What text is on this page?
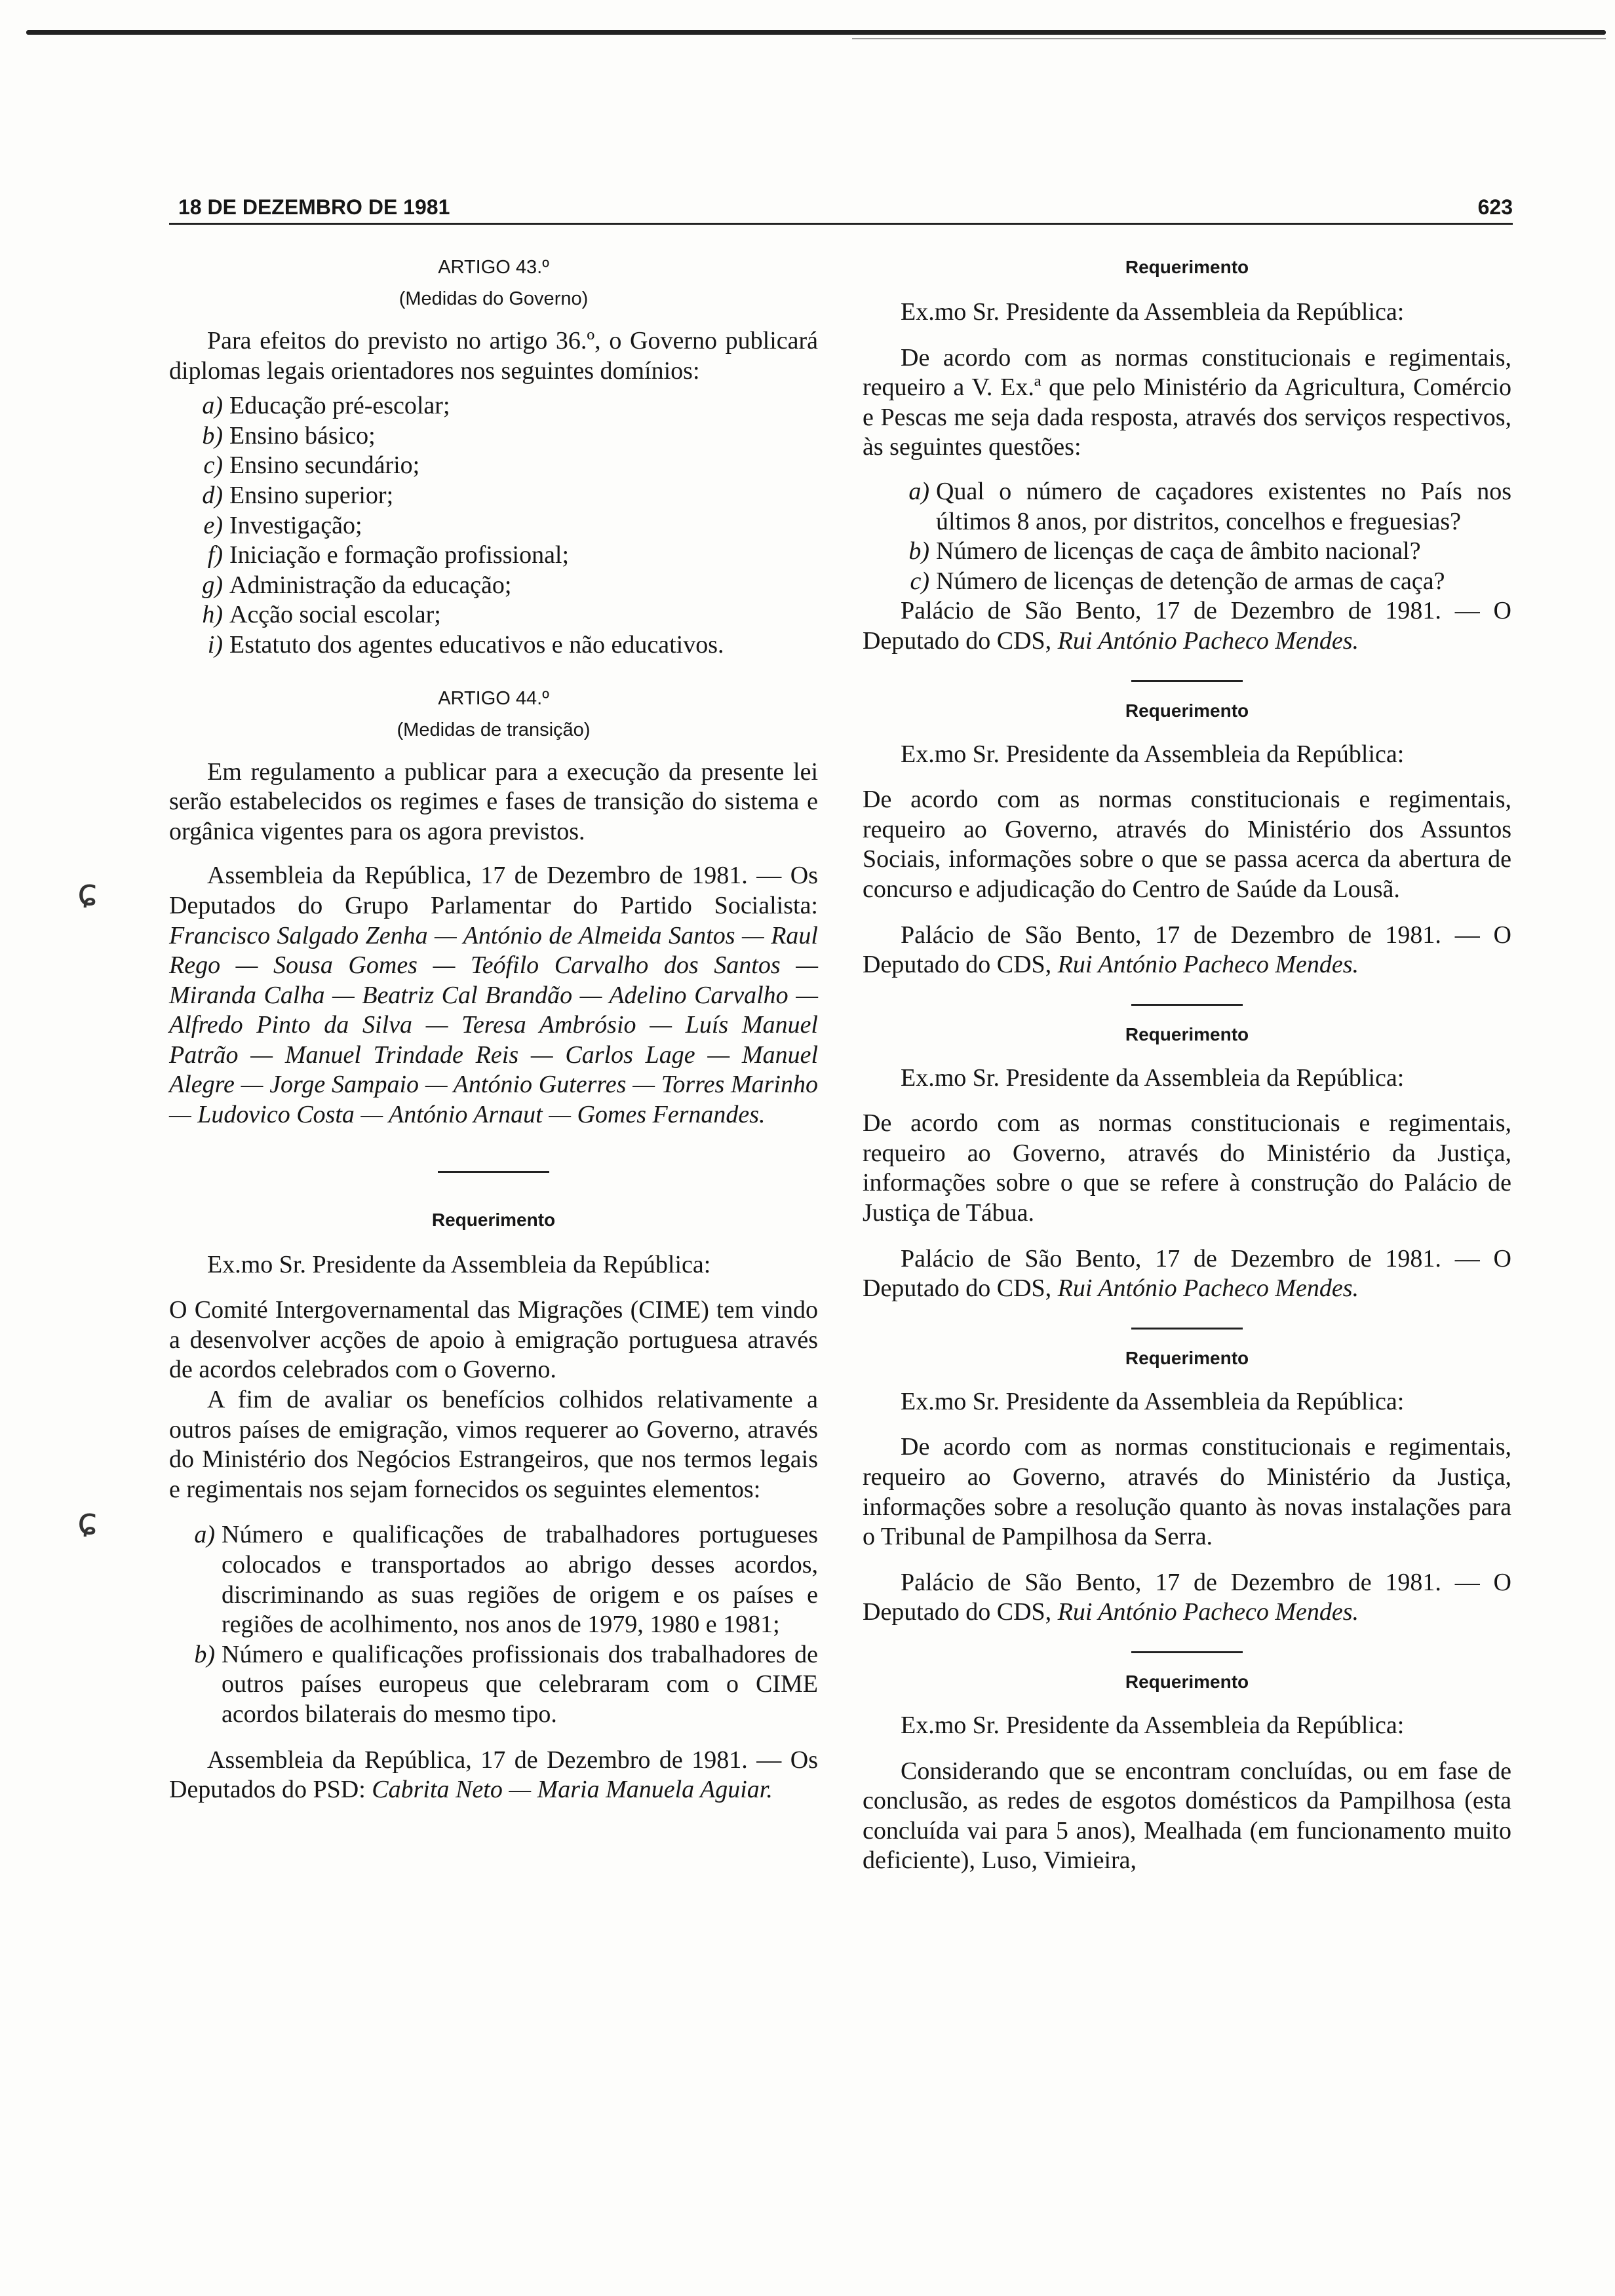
18 DE DEZEMBRO DE 1981	623
ɕ
ɕ
ARTIGO 43.º
(Medidas do Governo)

Para efeitos do previsto no artigo 36.º, o Governo publicará diplomas legais orientadores nos seguintes domínios:

a) Educação pré-escolar;
b) Ensino básico;
c) Ensino secundário;
d) Ensino superior;
e) Investigação;
f) Iniciação e formação profissional;
g) Administração da educação;
h) Acção social escolar;
i) Estatuto dos agentes educativos e não educativos.
ARTIGO 44.º
(Medidas de transição)

Em regulamento a publicar para a execução da presente lei serão estabelecidos os regimes e fases de transição do sistema e orgânica vigentes para os agora previstos.

Assembleia da República, 17 de Dezembro de 1981. — Os Deputados do Grupo Parlamentar do Partido Socialista: Francisco Salgado Zenha — António de Almeida Santos — Raul Rego — Sousa Gomes — Teófilo Carvalho dos Santos — Miranda Calha — Beatriz Cal Brandão — Adelino Carvalho — Alfredo Pinto da Silva — Teresa Ambrósio — Luís Manuel Patrão — Manuel Trindade Reis — Carlos Lage — Manuel Alegre — Jorge Sampaio — António Guterres — Torres Marinho — Ludovico Costa — António Arnaut — Gomes Fernandes.

Requerimento

Ex.mo Sr. Presidente da Assembleia da República:

O Comité Intergovernamental das Migrações (CIME) tem vindo a desenvolver acções de apoio à emigração portuguesa através de acordos celebrados com o Governo.

A fim de avaliar os benefícios colhidos relativamente a outros países de emigração, vimos requerer ao Governo, através do Ministério dos Negócios Estrangeiros, que nos termos legais e regimentais nos sejam fornecidos os seguintes elementos:

a) Número e qualificações de trabalhadores portugueses colocados e transportados ao abrigo desses acordos, discriminando as suas regiões de origem e os países e regiões de acolhimento, nos anos de 1979, 1980 e 1981;
b) Número e qualificações profissionais dos trabalhadores de outros países europeus que celebraram com o CIME acordos bilaterais do mesmo tipo.

Assembleia da República, 17 de Dezembro de 1981. — Os Deputados do PSD: Cabrita Neto — Maria Manuela Aguiar.

Requerimento

Ex.mo Sr. Presidente da Assembleia da República:

De acordo com as normas constitucionais e regimentais, requeiro a V. Ex.ª que pelo Ministério da Agricultura, Comércio e Pescas me seja dada resposta, através dos serviços respectivos, às seguintes questões:

a) Qual o número de caçadores existentes no País nos últimos 8 anos, por distritos, concelhos e freguesias?
b) Número de licenças de caça de âmbito nacional?
c) Número de licenças de detenção de armas de caça?

Palácio de São Bento, 17 de Dezembro de 1981. — O Deputado do CDS, Rui António Pacheco Mendes.

Requerimento

Ex.mo Sr. Presidente da Assembleia da República:

De acordo com as normas constitucionais e regimentais, requeiro ao Governo, através do Ministério dos Assuntos Sociais, informações sobre o que se passa acerca da abertura de concurso e adjudicação do Centro de Saúde da Lousã.

Palácio de São Bento, 17 de Dezembro de 1981. — O Deputado do CDS, Rui António Pacheco Mendes.

Requerimento

Ex.mo Sr. Presidente da Assembleia da República:

De acordo com as normas constitucionais e regimentais, requeiro ao Governo, através do Ministério da Justiça, informações sobre o que se refere à construção do Palácio de Justiça de Tábua.

Palácio de São Bento, 17 de Dezembro de 1981. — O Deputado do CDS, Rui António Pacheco Mendes.

Requerimento

Ex.mo Sr. Presidente da Assembleia da República:

De acordo com as normas constitucionais e regimentais, requeiro ao Governo, através do Ministério da Justiça, informações sobre a resolução quanto às novas instalações para o Tribunal de Pampilhosa da Serra.

Palácio de São Bento, 17 de Dezembro de 1981. — O Deputado do CDS, Rui António Pacheco Mendes.

Requerimento

Ex.mo Sr. Presidente da Assembleia da República:

Considerando que se encontram concluídas, ou em fase de conclusão, as redes de esgotos domésticos da Pampilhosa (esta concluída vai para 5 anos), Mealhada (em funcionamento muito deficiente), Luso, Vimieira,
